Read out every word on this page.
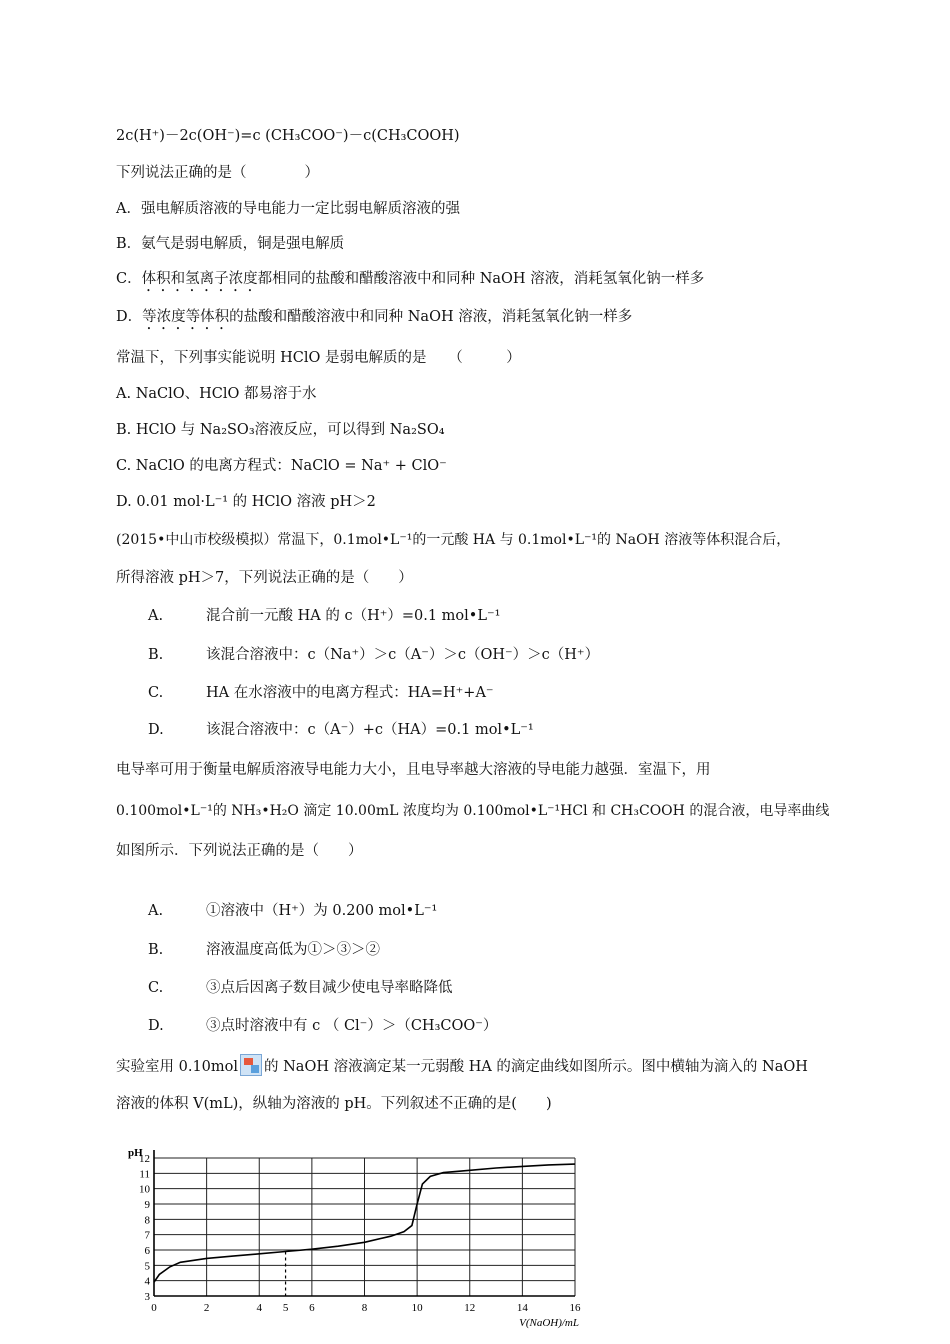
2c(H⁺)－2c(OH⁻)=c (CH₃COO⁻)－c(CH₃COOH)
下列说法正确的是（　　　　）
A．强电解质溶液的导电能力一定比弱电解质溶液的强
B．氨气是弱电解质，铜是强电解质
C．体积和氢离子浓度都相同的盐酸和醋酸溶液中和同种 NaOH 溶液，消耗氢氧化钠一样多
D．等浓度等体积的盐酸和醋酸溶液中和同种 NaOH 溶液，消耗氢氧化钠一样多
常温下，下列事实能说明 HClO 是弱电解质的是　　（　　　）
A. NaClO、HClO 都易溶于水
B. HClO 与 Na₂SO₃溶液反应，可以得到 Na₂SO₄
C. NaClO 的电离方程式：NaClO = Na⁺ + ClO⁻
D. 0.01 mol·L⁻¹ 的 HClO 溶液 pH＞2
(2015•中山市校级模拟）常温下，0.1mol•L⁻¹的一元酸 HA 与 0.1mol•L⁻¹的 NaOH 溶液等体积混合后，
所得溶液 pH＞7，下列说法正确的是（　　）
A.	混合前一元酸 HA 的 c（H⁺）=0.1 mol•L⁻¹
B.	该混合溶液中：c（Na⁺）＞c（A⁻）＞c（OH⁻）＞c（H⁺）
C.	HA 在水溶液中的电离方程式：HA=H⁺+A⁻
D.	该混合溶液中：c（A⁻）+c（HA）=0.1 mol•L⁻¹
电导率可用于衡量电解质溶液导电能力大小，且电导率越大溶液的导电能力越强．室温下，用
0.100mol•L⁻¹的 NH₃•H₂O 滴定 10.00mL 浓度均为 0.100mol•L⁻¹HCl 和 CH₃COOH 的混合液，电导率曲线
如图所示．下列说法正确的是（　　）
A.	①溶液中（H⁺）为 0.200 mol•L⁻¹
B.	溶液温度高低为①＞③＞②
C.	③点后因离子数目减少使电导率略降低
D.	③点时溶液中有 c （ Cl⁻）＞（CH₃COO⁻）
实验室用 0.10mol 的 NaOH 溶液滴定某一元弱酸 HA 的滴定曲线如图所示。图中横轴为滴入的 NaOH
溶液的体积 V(mL)，纵轴为溶液的 pH。下列叙述不正确的是(　　)
3
4
5
6
7
8
9
10
11
12
pH
0	2	4 5 6	8	10	12	14	16
V(NaOH)/mL
